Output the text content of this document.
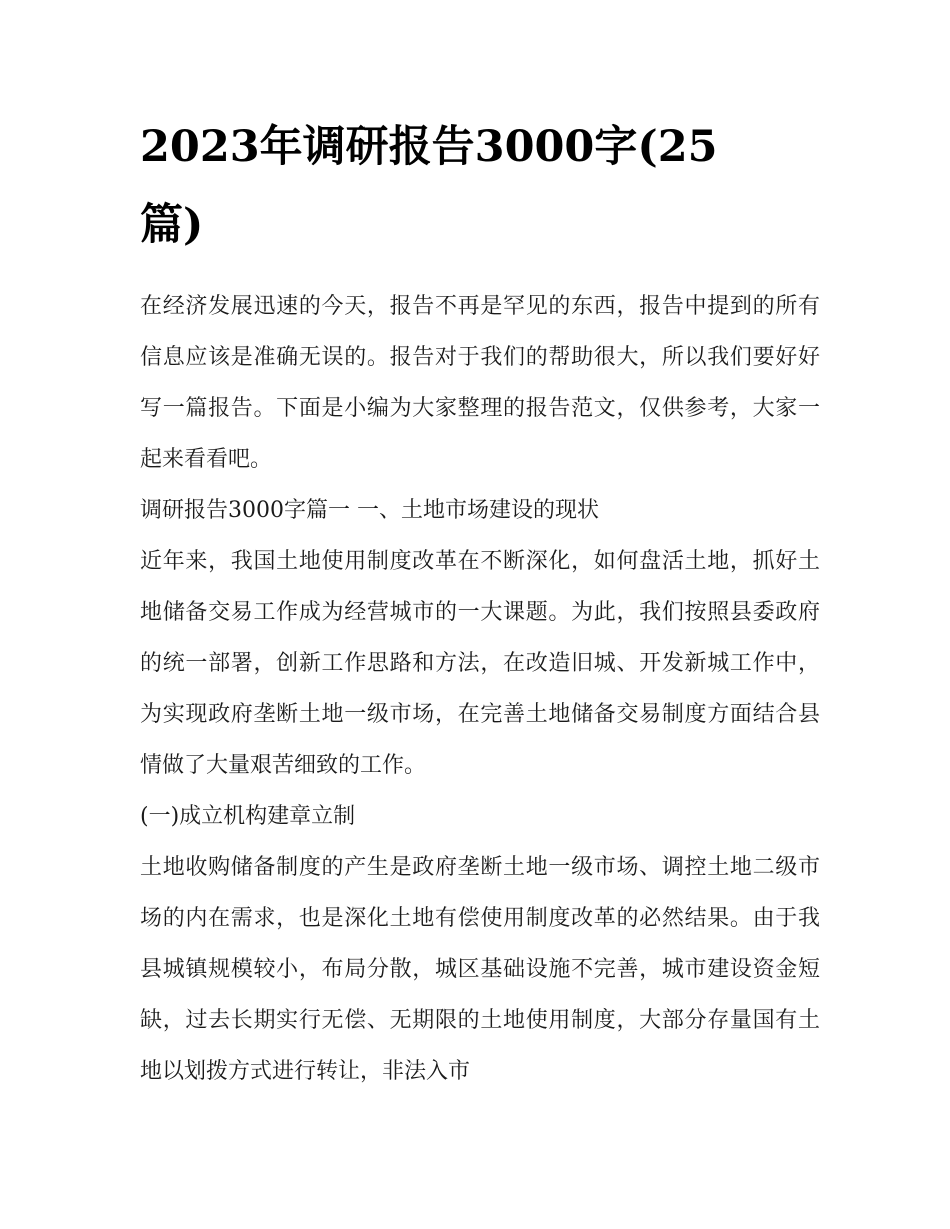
2023年调研报告3000字(25篇)

在经济发展迅速的今天，报告不再是罕见的东西，报告中提到的所有信息应该是准确无误的。报告对于我们的帮助很大，所以我们要好好写一篇报告。下面是小编为大家整理的报告范文，仅供参考，大家一起来看看吧。

调研报告3000字篇一 一、土地市场建设的现状

近年来，我国土地使用制度改革在不断深化，如何盘活土地，抓好土地储备交易工作成为经营城市的一大课题。为此，我们按照县委政府的统一部署，创新工作思路和方法，在改造旧城、开发新城工作中，为实现政府垄断土地一级市场，在完善土地储备交易制度方面结合县情做了大量艰苦细致的工作。

(一)成立机构建章立制

土地收购储备制度的产生是政府垄断土地一级市场、调控土地二级市场的内在需求，也是深化土地有偿使用制度改革的必然结果。由于我县城镇规模较小，布局分散，城区基础设施不完善，城市建设资金短缺，过去长期实行无偿、无期限的土地使用制度，大部分存量国有土地以划拨方式进行转让，非法入市
